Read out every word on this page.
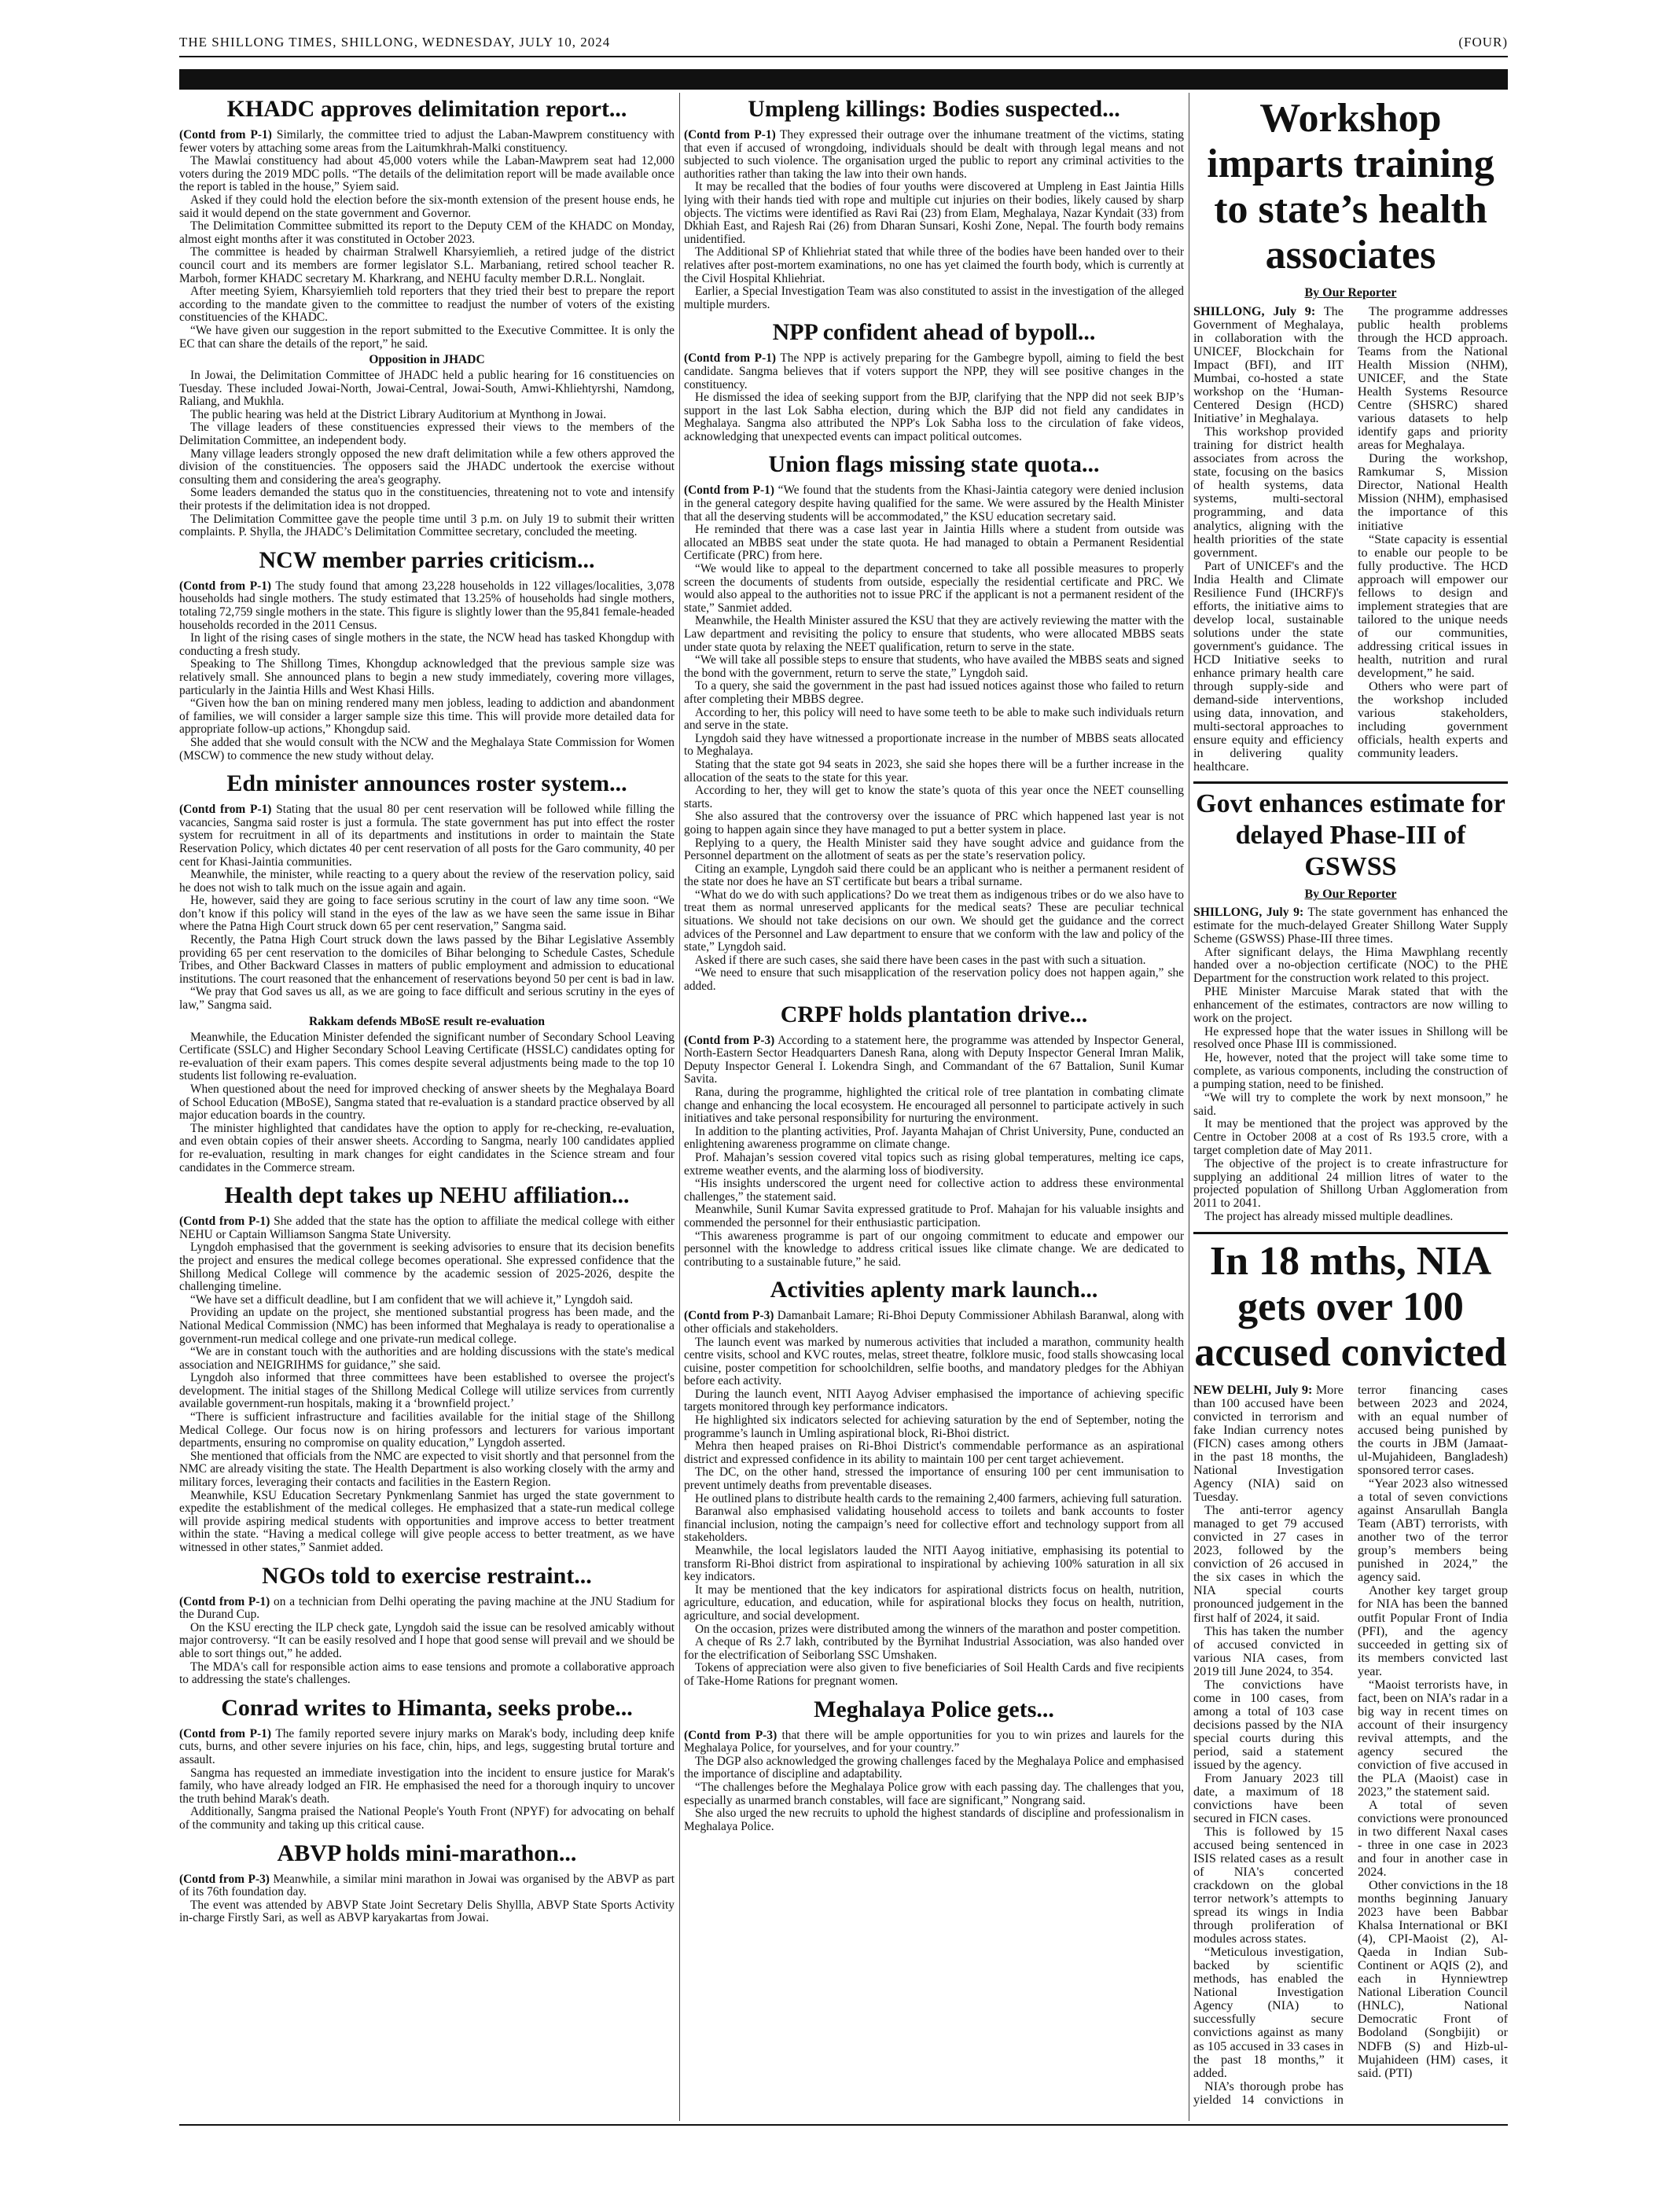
THE SHILLONG TIMES, SHILLONG, WEDNESDAY, JULY 10, 2024	(FOUR)
KHADC approves delimitation report...

(Contd from P-1) Similarly, the committee tried to adjust the Laban-Mawprem constituency with fewer voters by attaching some areas from the Laitumkhrah-Malki constituency.

The Mawlai constituency had about 45,000 voters while the Laban-Mawprem seat had 12,000 voters during the 2019 MDC polls. “The details of the delimitation report will be made available once the report is tabled in the house,” Syiem said.

Asked if they could hold the election before the six-month extension of the present house ends, he said it would depend on the state government and Governor.

The Delimitation Committee submitted its report to the Deputy CEM of the KHADC on Monday, almost eight months after it was constituted in October 2023.

The committee is headed by chairman Stralwell Kharsyiemlieh, a retired judge of the district council court and its members are former legislator S.L. Marbaniang, retired school teacher R. Marboh, former KHADC secretary M. Kharkrang, and NEHU faculty member D.R.L. Nonglait.

After meeting Syiem, Kharsyiemlieh told reporters that they tried their best to prepare the report according to the mandate given to the committee to readjust the number of voters of the existing constituencies of the KHADC.

“We have given our suggestion in the report submitted to the Executive Committee. It is only the EC that can share the details of the report,” he said.

Opposition in JHADC

In Jowai, the Delimitation Committee of JHADC held a public hearing for 16 constituencies on Tuesday. These included Jowai-North, Jowai-Central, Jowai-South, Amwi-Khliehtyrshi, Namdong, Raliang, and Mukhla.

The public hearing was held at the District Library Auditorium at Mynthong in Jowai.

The village leaders of these constituencies expressed their views to the members of the Delimitation Committee, an independent body.

Many village leaders strongly opposed the new draft delimitation while a few others approved the division of the constituencies. The opposers said the JHADC undertook the exercise without consulting them and considering the area's geography.

Some leaders demanded the status quo in the constituencies, threatening not to vote and intensify their protests if the delimitation idea is not dropped.

The Delimitation Committee gave the people time until 3 p.m. on July 19 to submit their written complaints. P. Shylla, the JHADC’s Delimitation Committee secretary, concluded the meeting.

NCW member parries criticism...

(Contd from P-1) The study found that among 23,228 households in 122 villages/localities, 3,078 households had single mothers. The study estimated that 13.25% of households had single mothers, totaling 72,759 single mothers in the state. This figure is slightly lower than the 95,841 female-headed households recorded in the 2011 Census.

In light of the rising cases of single mothers in the state, the NCW head has tasked Khongdup with conducting a fresh study.

Speaking to The Shillong Times, Khongdup acknowledged that the previous sample size was relatively small. She announced plans to begin a new study immediately, covering more villages, particularly in the Jaintia Hills and West Khasi Hills.

“Given how the ban on mining rendered many men jobless, leading to addiction and abandonment of families, we will consider a larger sample size this time. This will provide more detailed data for appropriate follow-up actions,” Khongdup said.

She added that she would consult with the NCW and the Meghalaya State Commission for Women (MSCW) to commence the new study without delay.

Edn minister announces roster system...

(Contd from P-1) Stating that the usual 80 per cent reservation will be followed while filling the vacancies, Sangma said roster is just a formula. The state government has put into effect the roster system for recruitment in all of its departments and institutions in order to maintain the State Reservation Policy, which dictates 40 per cent reservation of all posts for the Garo community, 40 per cent for Khasi-Jaintia communities.

Meanwhile, the minister, while reacting to a query about the review of the reservation policy, said he does not wish to talk much on the issue again and again.

He, however, said they are going to face serious scrutiny in the court of law any time soon. “We don’t know if this policy will stand in the eyes of the law as we have seen the same issue in Bihar where the Patna High Court struck down 65 per cent reservation,” Sangma said.

Recently, the Patna High Court struck down the laws passed by the Bihar Legislative Assembly providing 65 per cent reservation to the domiciles of Bihar belonging to Schedule Castes, Schedule Tribes, and Other Backward Classes in matters of public employment and admission to educational institutions. The court reasoned that the enhancement of reservations beyond 50 per cent is bad in law.

“We pray that God saves us all, as we are going to face difficult and serious scrutiny in the eyes of law,” Sangma said.

Rakkam defends MBoSE result re-evaluation

Meanwhile, the Education Minister defended the significant number of Secondary School Leaving Certificate (SSLC) and Higher Secondary School Leaving Certificate (HSSLC) candidates opting for re-evaluation of their exam papers. This comes despite several adjustments being made to the top 10 students list following re-evaluation.

When questioned about the need for improved checking of answer sheets by the Meghalaya Board of School Education (MBoSE), Sangma stated that re-evaluation is a standard practice observed by all major education boards in the country.

The minister highlighted that candidates have the option to apply for re-checking, re-evaluation, and even obtain copies of their answer sheets. According to Sangma, nearly 100 candidates applied for re-evaluation, resulting in mark changes for eight candidates in the Science stream and four candidates in the Commerce stream.

Health dept takes up NEHU affiliation...

(Contd from P-1) She added that the state has the option to affiliate the medical college with either NEHU or Captain Williamson Sangma State University.

Lyngdoh emphasised that the government is seeking advisories to ensure that its decision benefits the project and ensures the medical college becomes operational. She expressed confidence that the Shillong Medical College will commence by the academic session of 2025-2026, despite the challenging timeline.

“We have set a difficult deadline, but I am confident that we will achieve it,” Lyngdoh said.

Providing an update on the project, she mentioned substantial progress has been made, and the National Medical Commission (NMC) has been informed that Meghalaya is ready to operationalise a government-run medical college and one private-run medical college.

“We are in constant touch with the authorities and are holding discussions with the state's medical association and NEIGRIHMS for guidance,” she said.

Lyngdoh also informed that three committees have been established to oversee the project's development. The initial stages of the Shillong Medical College will utilize services from currently available government-run hospitals, making it a ‘brownfield project.’

“There is sufficient infrastructure and facilities available for the initial stage of the Shillong Medical College. Our focus now is on hiring professors and lecturers for various important departments, ensuring no compromise on quality education,” Lyngdoh asserted.

She mentioned that officials from the NMC are expected to visit shortly and that personnel from the NMC are already visiting the state. The Health Department is also working closely with the army and military forces, leveraging their contacts and facilities in the Eastern Region.

Meanwhile, KSU Education Secretary Pynkmenlang Sanmiet has urged the state government to expedite the establishment of the medical colleges. He emphasized that a state-run medical college will provide aspiring medical students with opportunities and improve access to better treatment within the state. “Having a medical college will give people access to better treatment, as we have witnessed in other states,” Sanmiet added.

NGOs told to exercise restraint...

(Contd from P-1) on a technician from Delhi operating the paving machine at the JNU Stadium for the Durand Cup.

On the KSU erecting the ILP check gate, Lyngdoh said the issue can be resolved amicably without major controversy. “It can be easily resolved and I hope that good sense will prevail and we should be able to sort things out,” he added.

The MDA's call for responsible action aims to ease tensions and promote a collaborative approach to addressing the state's challenges.

Conrad writes to Himanta, seeks probe...

(Contd from P-1) The family reported severe injury marks on Marak's body, including deep knife cuts, burns, and other severe injuries on his face, chin, hips, and legs, suggesting brutal torture and assault.

Sangma has requested an immediate investigation into the incident to ensure justice for Marak's family, who have already lodged an FIR. He emphasised the need for a thorough inquiry to uncover the truth behind Marak's death.

Additionally, Sangma praised the National People's Youth Front (NPYF) for advocating on behalf of the community and taking up this critical cause.

ABVP holds mini-marathon...

(Contd from P-3) Meanwhile, a similar mini marathon in Jowai was organised by the ABVP as part of its 76th foundation day.

The event was attended by ABVP State Joint Secretary Delis Shyllla, ABVP State Sports Activity in-charge Firstly Sari, as well as ABVP karyakartas from Jowai.

Umpleng killings: Bodies suspected...

(Contd from P-1) They expressed their outrage over the inhumane treatment of the victims, stating that even if accused of wrongdoing, individuals should be dealt with through legal means and not subjected to such violence. The organisation urged the public to report any criminal activities to the authorities rather than taking the law into their own hands.

It may be recalled that the bodies of four youths were discovered at Umpleng in East Jaintia Hills lying with their hands tied with rope and multiple cut injuries on their bodies, likely caused by sharp objects. The victims were identified as Ravi Rai (23) from Elam, Meghalaya, Nazar Kyndait (33) from Dkhiah East, and Rajesh Rai (26) from Dharan Sunsari, Koshi Zone, Nepal. The fourth body remains unidentified.

The Additional SP of Khliehriat stated that while three of the bodies have been handed over to their relatives after post-mortem examinations, no one has yet claimed the fourth body, which is currently at the Civil Hospital Khliehriat.

Earlier, a Special Investigation Team was also constituted to assist in the investigation of the alleged multiple murders.

NPP confident ahead of bypoll...

(Contd from P-1) The NPP is actively preparing for the Gambegre bypoll, aiming to field the best candidate. Sangma believes that if voters support the NPP, they will see positive changes in the constituency.

He dismissed the idea of seeking support from the BJP, clarifying that the NPP did not seek BJP’s support in the last Lok Sabha election, during which the BJP did not field any candidates in Meghalaya. Sangma also attributed the NPP's Lok Sabha loss to the circulation of fake videos, acknowledging that unexpected events can impact political outcomes.

Union flags missing state quota...

(Contd from P-1) “We found that the students from the Khasi-Jaintia category were denied inclusion in the general category despite having qualified for the same. We were assured by the Health Minister that all the deserving students will be accommodated,” the KSU education secretary said.

He reminded that there was a case last year in Jaintia Hills where a student from outside was allocated an MBBS seat under the state quota. He had managed to obtain a Permanent Residential Certificate (PRC) from here.

“We would like to appeal to the department concerned to take all possible measures to properly screen the documents of students from outside, especially the residential certificate and PRC. We would also appeal to the authorities not to issue PRC if the applicant is not a permanent resident of the state,” Sanmiet added.

Meanwhile, the Health Minister assured the KSU that they are actively reviewing the matter with the Law department and revisiting the policy to ensure that students, who were allocated MBBS seats under state quota by relaxing the NEET qualification, return to serve in the state.

“We will take all possible steps to ensure that students, who have availed the MBBS seats and signed the bond with the government, return to serve the state,” Lyngdoh said.

To a query, she said the government in the past had issued notices against those who failed to return after completing their MBBS degree.

According to her, this policy will need to have some teeth to be able to make such individuals return and serve in the state.

Lyngdoh said they have witnessed a proportionate increase in the number of MBBS seats allocated to Meghalaya.

Stating that the state got 94 seats in 2023, she said she hopes there will be a further increase in the allocation of the seats to the state for this year.

According to her, they will get to know the state’s quota of this year once the NEET counselling starts.

She also assured that the controversy over the issuance of PRC which happened last year is not going to happen again since they have managed to put a better system in place.

Replying to a query, the Health Minister said they have sought advice and guidance from the Personnel department on the allotment of seats as per the state’s reservation policy.

Citing an example, Lyngdoh said there could be an applicant who is neither a permanent resident of the state nor does he have an ST certificate but bears a tribal surname.

“What do we do with such applications? Do we treat them as indigenous tribes or do we also have to treat them as normal unreserved applicants for the medical seats? These are peculiar technical situations. We should not take decisions on our own. We should get the guidance and the correct advices of the Personnel and Law department to ensure that we conform with the law and policy of the state,” Lyngdoh said.

Asked if there are such cases, she said there have been cases in the past with such a situation.

“We need to ensure that such misapplication of the reservation policy does not happen again,” she added.

CRPF holds plantation drive...

(Contd from P-3) According to a statement here, the programme was attended by Inspector General, North-Eastern Sector Headquarters Danesh Rana, along with Deputy Inspector General Imran Malik, Deputy Inspector General I. Lokendra Singh, and Commandant of the 67 Battalion, Sunil Kumar Savita.

Rana, during the programme, highlighted the critical role of tree plantation in combating climate change and enhancing the local ecosystem. He encouraged all personnel to participate actively in such initiatives and take personal responsibility for nurturing the environment.

In addition to the planting activities, Prof. Jayanta Mahajan of Christ University, Pune, conducted an enlightening awareness programme on climate change.

Prof. Mahajan’s session covered vital topics such as rising global temperatures, melting ice caps, extreme weather events, and the alarming loss of biodiversity.

“His insights underscored the urgent need for collective action to address these environmental challenges,” the statement said.

Meanwhile, Sunil Kumar Savita expressed gratitude to Prof. Mahajan for his valuable insights and commended the personnel for their enthusiastic participation.

“This awareness programme is part of our ongoing commitment to educate and empower our personnel with the knowledge to address critical issues like climate change. We are dedicated to contributing to a sustainable future,” he said.

Activities aplenty mark launch...

(Contd from P-3) Damanbait Lamare; Ri-Bhoi Deputy Commissioner Abhilash Baranwal, along with other officials and stakeholders.

The launch event was marked by numerous activities that included a marathon, community health centre visits, school and KVC routes, melas, street theatre, folklore music, food stalls showcasing local cuisine, poster competition for schoolchildren, selfie booths, and mandatory pledges for the Abhiyan before each activity.

During the launch event, NITI Aayog Adviser emphasised the importance of achieving specific targets monitored through key performance indicators.

He highlighted six indicators selected for achieving saturation by the end of September, noting the programme’s launch in Umling aspirational block, Ri-Bhoi district.

Mehra then heaped praises on Ri-Bhoi District's commendable performance as an aspirational district and expressed confidence in its ability to maintain 100 per cent target achievement.

The DC, on the other hand, stressed the importance of ensuring 100 per cent immunisation to prevent untimely deaths from preventable diseases.

He outlined plans to distribute health cards to the remaining 2,400 farmers, achieving full saturation.

Baranwal also emphasised validating household access to toilets and bank accounts to foster financial inclusion, noting the campaign’s need for collective effort and technology support from all stakeholders.

Meanwhile, the local legislators lauded the NITI Aayog initiative, emphasising its potential to transform Ri-Bhoi district from aspirational to inspirational by achieving 100% saturation in all six key indicators.

It may be mentioned that the key indicators for aspirational districts focus on health, nutrition, agriculture, education, and education, while for aspirational blocks they focus on health, nutrition, agriculture, and social development.

On the occasion, prizes were distributed among the winners of the marathon and poster competition.

A cheque of Rs 2.7 lakh, contributed by the Byrnihat Industrial Association, was also handed over for the electrification of Seiborlang SSC Umshaken.

Tokens of appreciation were also given to five beneficiaries of Soil Health Cards and five recipients of Take-Home Rations for pregnant women.

Meghalaya Police gets...

(Contd from P-3) that there will be ample opportunities for you to win prizes and laurels for the Meghalaya Police, for yourselves, and for your country.”

The DGP also acknowledged the growing challenges faced by the Meghalaya Police and emphasised the importance of discipline and adaptability.

“The challenges before the Meghalaya Police grow with each passing day. The challenges that you, especially as unarmed branch constables, will face are significant,” Nongrang said.

She also urged the new recruits to uphold the highest standards of discipline and professionalism in Meghalaya Police.

Workshop imparts training to state’s health associates
By Our Reporter

SHILLONG, July 9: The Government of Meghalaya, in collaboration with the UNICEF, Blockchain for Impact (BFI), and IIT Mumbai, co-hosted a state workshop on the ‘Human-Centered Design (HCD) Initiative’ in Meghalaya.

This workshop provided training for district health associates from across the state, focusing on the basics of health systems, data systems, multi-sectoral programming, and data analytics, aligning with the health priorities of the state government.

Part of UNICEF's and the India Health and Climate Resilience Fund (IHCRF)'s efforts, the initiative aims to develop local, sustainable solutions under the state government's guidance. The HCD Initiative seeks to enhance primary health care through supply-side and demand-side interventions, using data, innovation, and multi-sectoral approaches to ensure equity and efficiency in delivering quality healthcare.

The programme addresses public health problems through the HCD approach. Teams from the National Health Mission (NHM), UNICEF, and the State Health Systems Resource Centre (SHSRC) shared various datasets to help identify gaps and priority areas for Meghalaya.

During the workshop, Ramkumar S, Mission Director, National Health Mission (NHM), emphasised the importance of this initiative

“State capacity is essential to enable our people to be fully productive. The HCD approach will empower our fellows to design and implement strategies that are tailored to the unique needs of our communities, addressing critical issues in health, nutrition and rural development,” he said.

Others who were part of the workshop included various stakeholders, including government officials, health experts and community leaders.

Govt enhances estimate for delayed Phase-III of GSWSS
By Our Reporter

SHILLONG, July 9: The state government has enhanced the estimate for the much-delayed Greater Shillong Water Supply Scheme (GSWSS) Phase-III three times.

After significant delays, the Hima Mawphlang recently handed over a no-objection certificate (NOC) to the PHE Department for the construction work related to this project.

PHE Minister Marcuise Marak stated that with the enhancement of the estimates, contractors are now willing to work on the project.

He expressed hope that the water issues in Shillong will be resolved once Phase III is commissioned.

He, however, noted that the project will take some time to complete, as various components, including the construction of a pumping station, need to be finished.

“We will try to complete the work by next monsoon,” he said.

It may be mentioned that the project was approved by the Centre in October 2008 at a cost of Rs 193.5 crore, with a target completion date of May 2011.

The objective of the project is to create infrastructure for supplying an additional 24 million litres of water to the projected population of Shillong Urban Agglomeration from 2011 to 2041.

The project has already missed multiple deadlines.

In 18 mths, NIA gets over 100 accused convicted

NEW DELHI, July 9: More than 100 accused have been convicted in terrorism and fake Indian currency notes (FICN) cases among others in the past 18 months, the National Investigation Agency (NIA) said on Tuesday.

The anti-terror agency managed to get 79 accused convicted in 27 cases in 2023, followed by the conviction of 26 accused in the six cases in which the NIA special courts pronounced judgement in the first half of 2024, it said.

This has taken the number of accused convicted in various NIA cases, from 2019 till June 2024, to 354.

The convictions have come in 100 cases, from among a total of 103 case decisions passed by the NIA special courts during this period, said a statement issued by the agency.

From January 2023 till date, a maximum of 18 convictions have been secured in FICN cases.

This is followed by 15 accused being sentenced in ISIS related cases as a result of NIA's concerted crackdown on the global terror network’s attempts to spread its wings in India through proliferation of modules across states.

“Meticulous investigation, backed by scientific methods, has enabled the National Investigation Agency (NIA) to successfully secure convictions against as many as 105 accused in 33 cases in the past 18 months,” it added.

NIA’s thorough probe has yielded 14 convictions in terror financing cases between 2023 and 2024, with an equal number of accused being punished by the courts in JBM (Jamaat-ul-Mujahideen, Bangladesh) sponsored terror cases.

“Year 2023 also witnessed a total of seven convictions against Ansarullah Bangla Team (ABT) terrorists, with another two of the terror group’s members being punished in 2024,” the agency said.

Another key target group for NIA has been the banned outfit Popular Front of India (PFI), and the agency succeeded in getting six of its members convicted last year.

“Maoist terrorists have, in fact, been on NIA’s radar in a big way in recent times on account of their insurgency revival attempts, and the agency secured the conviction of five accused in the PLA (Maoist) case in 2023,” the statement said.

A total of seven convictions were pronounced in two different Naxal cases - three in one case in 2023 and four in another case in 2024.

Other convictions in the 18 months beginning January 2023 have been Babbar Khalsa International or BKI (4), CPI-Maoist (2), Al-Qaeda in Indian Sub-Continent or AQIS (2), and each in Hynniewtrep National Liberation Council (HNLC), National Democratic Front of Bodoland (Songbijit) or NDFB (S) and Hizb-ul-Mujahideen (HM) cases, it said. (PTI)
